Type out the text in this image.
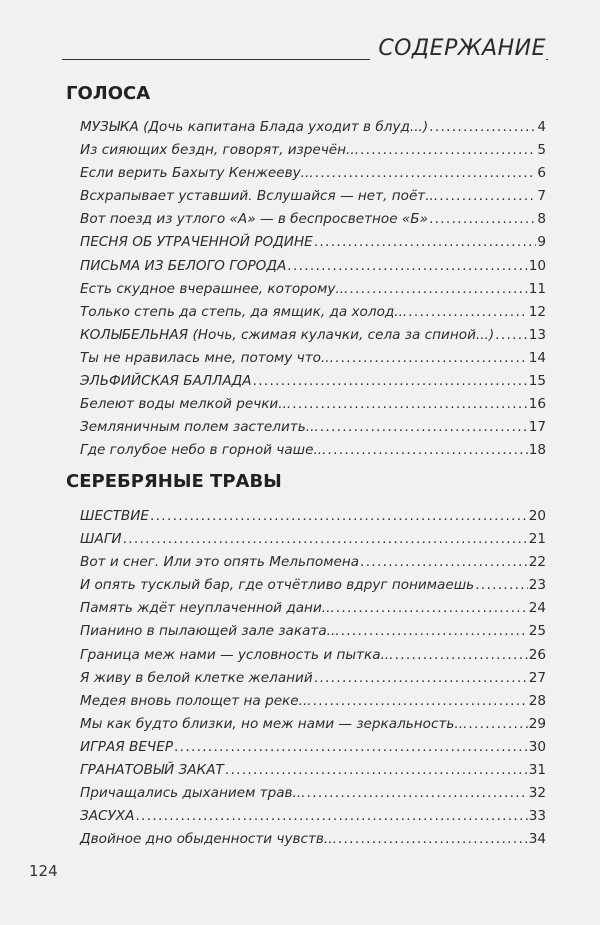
СОДЕРЖАНИЕ
ГОЛОСА
МУЗЫКА (Дочь капитана Блада уходит в блуд...) . . .	4
Из сияющих бездн, говорят, изречён... . . .	5
Если верить Бахыту Кенжееву... . . .	6
Всхрапывает уставший. Вслушайся — нет, поёт... . . .	7
Вот поезд из утлого «А» — в беспросветное «Б» . . .	8
ПЕСНЯ ОБ УТРАЧЕННОЙ РОДИНЕ . . .	9
ПИСЬМА ИЗ БЕЛОГО ГОРОДА . . .	10
Есть скудное вчерашнее, которому... . . .	11
Только степь да степь, да ямщик, да холод... . . .	12
КОЛЫБЕЛЬНАЯ (Ночь, сжимая кулачки, села за спиной...) . . .	13
Ты не нравилась мне, потому что... . . .	14
ЭЛЬФИЙСКАЯ БАЛЛАДА . . .	15
Белеют воды мелкой речки... . . .	16
Земляничным полем застелить... . . .	17
Где голубое небо в горной чаше... . . .	18
СЕРЕБРЯНЫЕ ТРАВЫ
ШЕСТВИЕ . . .	20
ШАГИ . . .	21
Вот и снег. Или это опять Мельпомена . . .	22
И опять тусклый бар, где отчётливо вдруг понимаешь . . .	23
Память ждёт неуплаченной дани... . . .	24
Пианино в пылающей зале заката... . . .	25
Граница меж нами — условность и пытка... . . .	26
Я живу в белой клетке желаний . . .	27
Медея вновь полощет на реке... . . .	28
Мы как будто близки, но меж нами — зеркальность... . . .	29
ИГРАЯ ВЕЧЕР . . .	30
ГРАНАТОВЫЙ ЗАКАТ . . .	31
Причащались дыханием трав... . . .	32
ЗАСУХА . . .	33
Двойное дно обыденности чувств... . . .	34
124
